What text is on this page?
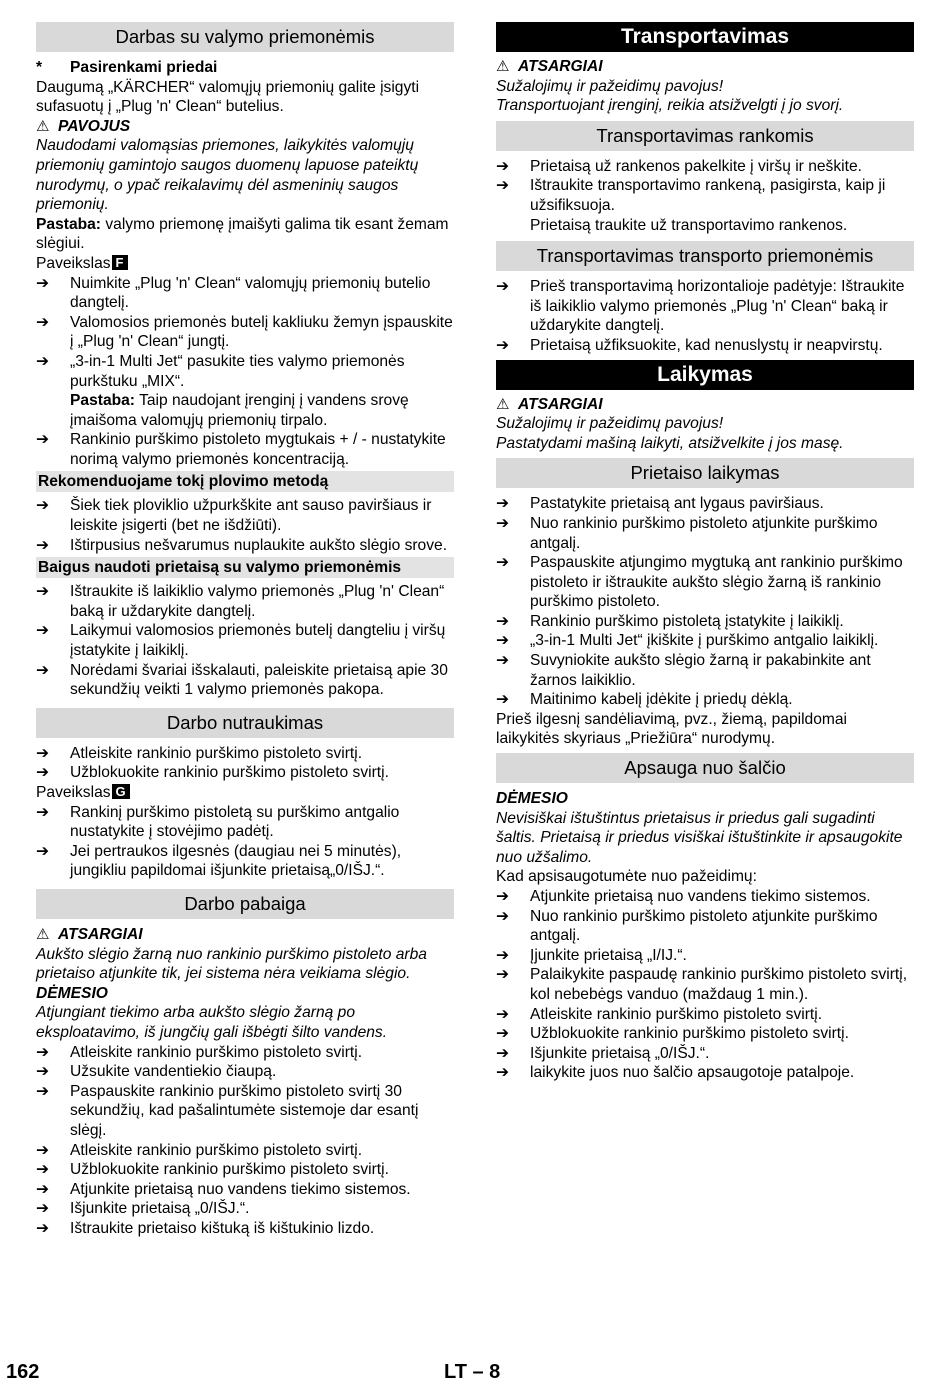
Darbas su valymo priemonėmis

* Pasirenkami priedai

Daugumą „KÄRCHER“ valomųjų priemonių galite įsigyti sufasuotų į „Plug 'n' Clean“ butelius.

⚠ PAVOJUS

Naudodami valomąsias priemones, laikykitės valomųjų priemonių gamintojo saugos duomenų lapuose pateiktų nurodymų, o ypač reikalavimų dėl asmeninių saugos priemonių.

Pastaba: valymo priemonę įmaišyti galima tik esant žemam slėgiui.

Paveikslas F

➔ Nuimkite „Plug 'n' Clean“ valomųjų priemonių butelio dangtelį.

➔ Valomosios priemonės butelį kakliuku žemyn įspauskite į „Plug 'n' Clean“ jungtį.

➔ „3-in-1 Multi Jet“ pasukite ties valymo priemonės purkštuku „MIX“.

Pastaba: Taip naudojant įrenginį į vandens srovę įmaišoma valomųjų priemonių tirpalo.

➔ Rankinio purškimo pistoleto mygtukais + / - nustatykite norimą valymo priemonės koncentraciją.

Rekomenduojame tokį plovimo metodą

➔ Šiek tiek ploviklio užpurkškite ant sauso paviršiaus ir leiskite įsigerti (bet ne išdžiūti).

➔ Ištirpusius nešvarumus nuplaukite aukšto slėgio srove.

Baigus naudoti prietaisą su valymo priemonėmis

➔ Ištraukite iš laikiklio valymo priemonės „Plug 'n' Clean“ baką ir uždarykite dangtelį.

➔ Laikymui valomosios priemonės butelį dangteliu į viršų įstatykite į laikiklį.

➔ Norėdami švariai išskalauti, paleiskite prietaisą apie 30 sekundžių veikti 1 valymo priemonės pakopa.

Darbo nutraukimas

➔ Atleiskite rankinio purškimo pistoleto svirtį.

➔ Užblokuokite rankinio purškimo pistoleto svirtį.

Paveikslas G

➔ Rankinį purškimo pistoletą su purškimo antgalio nustatykite į stovėjimo padėtį.

➔ Jei pertraukos ilgesnės (daugiau nei 5 minutės), jungikliu papildomai išjunkite prietaisą„0/IŠJ.“.

Darbo pabaiga

⚠ ATSARGIAI

Aukšto slėgio žarną nuo rankinio purškimo pistoleto arba prietaiso atjunkite tik, jei sistema nėra veikiama slėgio.

DĖMESIO

Atjungiant tiekimo arba aukšto slėgio žarną po eksploatavimo, iš jungčių gali išbėgti šilto vandens.

➔ Atleiskite rankinio purškimo pistoleto svirtį.

➔ Užsukite vandentiekio čiaupą.

➔ Paspauskite rankinio purškimo pistoleto svirtį 30 sekundžių, kad pašalintumėte sistemoje dar esantį slėgį.

➔ Atleiskite rankinio purškimo pistoleto svirtį.

➔ Užblokuokite rankinio purškimo pistoleto svirtį.

➔ Atjunkite prietaisą nuo vandens tiekimo sistemos.

➔ Išjunkite prietaisą „0/IŠJ.“.

➔ Ištraukite prietaiso kištuką iš kištukinio lizdo.

Transportavimas

⚠ ATSARGIAI

Sužalojimų ir pažeidimų pavojus!

Transportuojant įrenginį, reikia atsižvelgti į jo svorį.

Transportavimas rankomis

➔ Prietaisą už rankenos pakelkite į viršų ir neškite.

➔ Ištraukite transportavimo rankeną, pasigirsta, kaip ji užsifiksuoja.

Prietaisą traukite už transportavimo rankenos.

Transportavimas transporto priemonėmis

➔ Prieš transportavimą horizontalioje padėtyje: Ištraukite iš laikiklio valymo priemonės „Plug 'n' Clean“ baką ir uždarykite dangtelį.

➔ Prietaisą užfiksuokite, kad nenuslystų ir neapvirstų.

Laikymas

⚠ ATSARGIAI

Sužalojimų ir pažeidimų pavojus!

Pastatydami mašiną laikyti, atsižvelkite į jos masę.

Prietaiso laikymas

➔ Pastatykite prietaisą ant lygaus paviršiaus.

➔ Nuo rankinio purškimo pistoleto atjunkite purškimo antgalį.

➔ Paspauskite atjungimo mygtuką ant rankinio purškimo pistoleto ir ištraukite aukšto slėgio žarną iš rankinio purškimo pistoleto.

➔ Rankinio purškimo pistoletą įstatykite į laikiklį.

➔ „3-in-1 Multi Jet“ įkiškite į purškimo antgalio laikiklį.

➔ Suvyniokite aukšto slėgio žarną ir pakabinkite ant žarnos laikiklio.

➔ Maitinimo kabelį įdėkite į priedų dėklą.

Prieš ilgesnį sandėliavimą, pvz., žiemą, papildomai laikykitės skyriaus „Priežiūra“ nurodymų.

Apsauga nuo šalčio

DĖMESIO

Nevisiškai ištuštintus prietaisus ir priedus gali sugadinti šaltis. Prietaisą ir priedus visiškai ištuštinkite ir apsaugokite nuo užšalimo.

Kad apsisaugotumėte nuo pažeidimų:

➔ Atjunkite prietaisą nuo vandens tiekimo sistemos.

➔ Nuo rankinio purškimo pistoleto atjunkite purškimo antgalį.

➔ Įjunkite prietaisą „I/IJ.“.

➔ Palaikykite paspaudę rankinio purškimo pistoleto svirtį, kol nebebėgs vanduo (maždaug 1 min.).

➔ Atleiskite rankinio purškimo pistoleto svirtį.

➔ Užblokuokite rankinio purškimo pistoleto svirtį.

➔ Išjunkite prietaisą „0/IŠJ.“.

➔ laikykite juos nuo šalčio apsaugotoje patalpoje.

162	LT – 8
